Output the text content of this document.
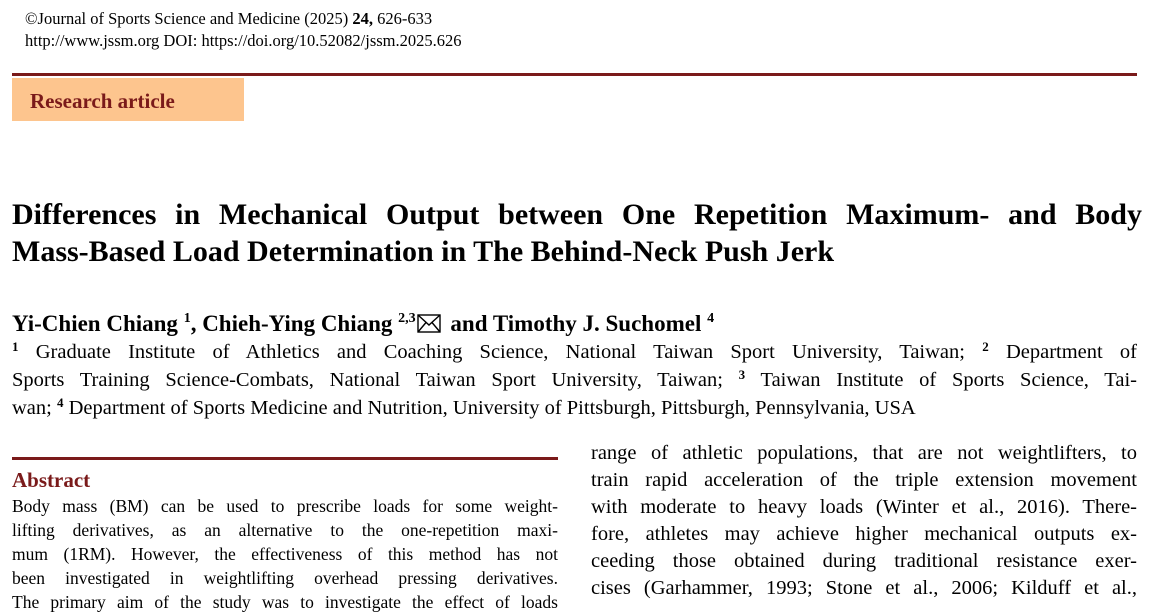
©Journal of Sports Science and Medicine (2025) 24, 626-633
http://www.jssm.org DOI: https://doi.org/10.52082/jssm.2025.626
Research article
Differences in Mechanical Output between One Repetition Maximum- and Body
Mass-Based Load Determination in The Behind-Neck Push Jerk
Yi-Chien Chiang $^1$, Chieh-Ying Chiang $^{2,3}$ and Timothy J. Suchomel $^4$
$^1$ Graduate Institute of Athletics and Coaching Science, National Taiwan Sport University, Taiwan; $^2$ Department of
Sports Training Science-Combats, National Taiwan Sport University, Taiwan; $^3$ Taiwan Institute of Sports Science, Tai-
wan; $^4$ Department of Sports Medicine and Nutrition, University of Pittsburgh, Pittsburgh, Pennsylvania, USA
Abstract
Body mass (BM) can be used to prescribe loads for some weight-
lifting derivatives, as an alternative to the one-repetition maxi-
mum (1RM). However, the effectiveness of this method has not
been investigated in weightlifting overhead pressing derivatives.
The primary aim of the study was to investigate the effect of loads
range of athletic populations, that are not weightlifters, to
train rapid acceleration of the triple extension movement
with moderate to heavy loads (Winter et al., 2016). There-
fore, athletes may achieve higher mechanical outputs ex-
ceeding those obtained during traditional resistance exer-
cises (Garhammer, 1993; Stone et al., 2006; Kilduff et al.,
